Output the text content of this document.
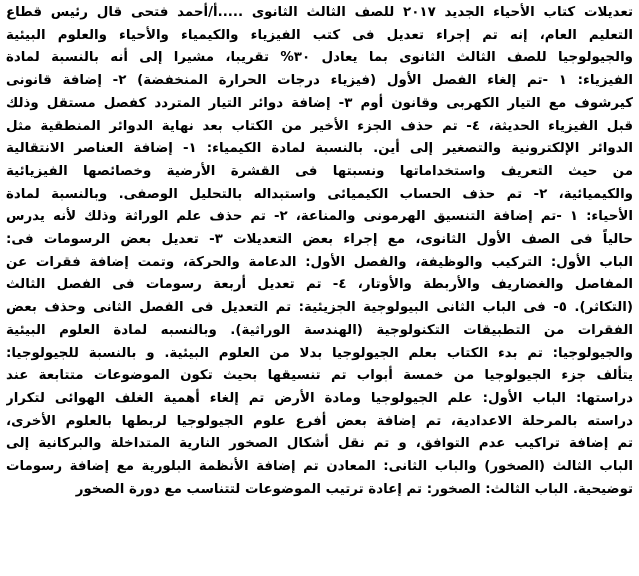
تعديلات كتاب الأحياء الجديد ٢٠١٧ للصف الثالث الثانوى .....أ/أحمد فتحى قال رئيس قطاع
التعليم العام، إنه تم إجراء تعديل فى كتب الفيزياء والكيمياء والأحياء والعلوم البيئية
والجيولوجيا للصف الثالث الثانوى بما يعادل ٣٠% تقريبا، مشيرا إلى أنه بالنسبة لمادة
الفيزياء: ١ -تم إلغاء الفصل الأول (فيزياء درجات الحرارة المنخفضة) ٢- إضافة قانونى
كيرشوف مع التيار الكهربى وقانون أوم ٣- إضافة دوائر التيار المتردد كفصل مستقل وذلك
قبل الفيزياء الحديثة، ٤- تم حذف الجزء الأخير من الكتاب بعد نهاية الدوائر المنطقية مثل
الدوائر الإلكترونية والتصغير إلى أين. بالنسبة لمادة الكيمياء: ١- إضافة العناصر الانتقالية
من حيث التعريف واستخداماتها ونسبتها فى القشرة الأرضية وخصائصها الفيزيائية
والكيميائية، ٢- تم حذف الحساب الكيميائى واستبداله بالتحليل الوصفى. وبالنسبة لمادة
الأحياء: ١ -تم إضافة التنسيق الهرمونى والمناعة، ٢- تم حذف علم الوراثة وذلك لأنه يدرس
حالياً فى الصف الأول الثانوى، مع إجراء بعض التعديلات ٣- تعديل بعض الرسومات فى:
الباب الأول: التركيب والوظيفة، والفصل الأول: الدعامة والحركة، وتمت إضافة فقرات عن
المفاصل والغضاريف والأربطة والأوتار، ٤- تم تعديل أربعة رسومات فى الفصل الثالث
(التكاثر). ٥- فى الباب الثانى البيولوجية الجزيئية: تم التعديل فى الفصل الثانى وحذف بعض
الفقرات من التطبيقات التكنولوجية (الهندسة الوراثية). وبالنسبه لمادة العلوم البيئية
والجيولوجيا: تم بدء الكتاب بعلم الجيولوجيا بدلا من العلوم البيئية. و بالنسبة للجيولوجيا:
يتألف جزء الجيولوجيا من خمسة أبواب تم تنسيقها بحيث تكون الموضوعات متتابعة عند
دراستها: الباب الأول: علم الجيولوجيا ومادة الأرض تم إلغاء أهمية الغلف الهوائى لتكرار
دراسته بالمرحلة الاعدادية، تم إضافة بعض أفرع علوم الجيولوجيا لربطها بالعلوم الأخرى،
تم إضافة تراكيب عدم التوافق، و تم نقل أشكال الصخور النارية المتداخلة والبركانية إلى
الباب الثالث (الصخور) والباب الثانى: المعادن تم إضافة الأنظمة البلورية مع إضافة رسومات
توضيحية. الباب الثالث: الصخور: تم إعادة ترتيب الموضوعات لتتناسب مع دورة الصخور
